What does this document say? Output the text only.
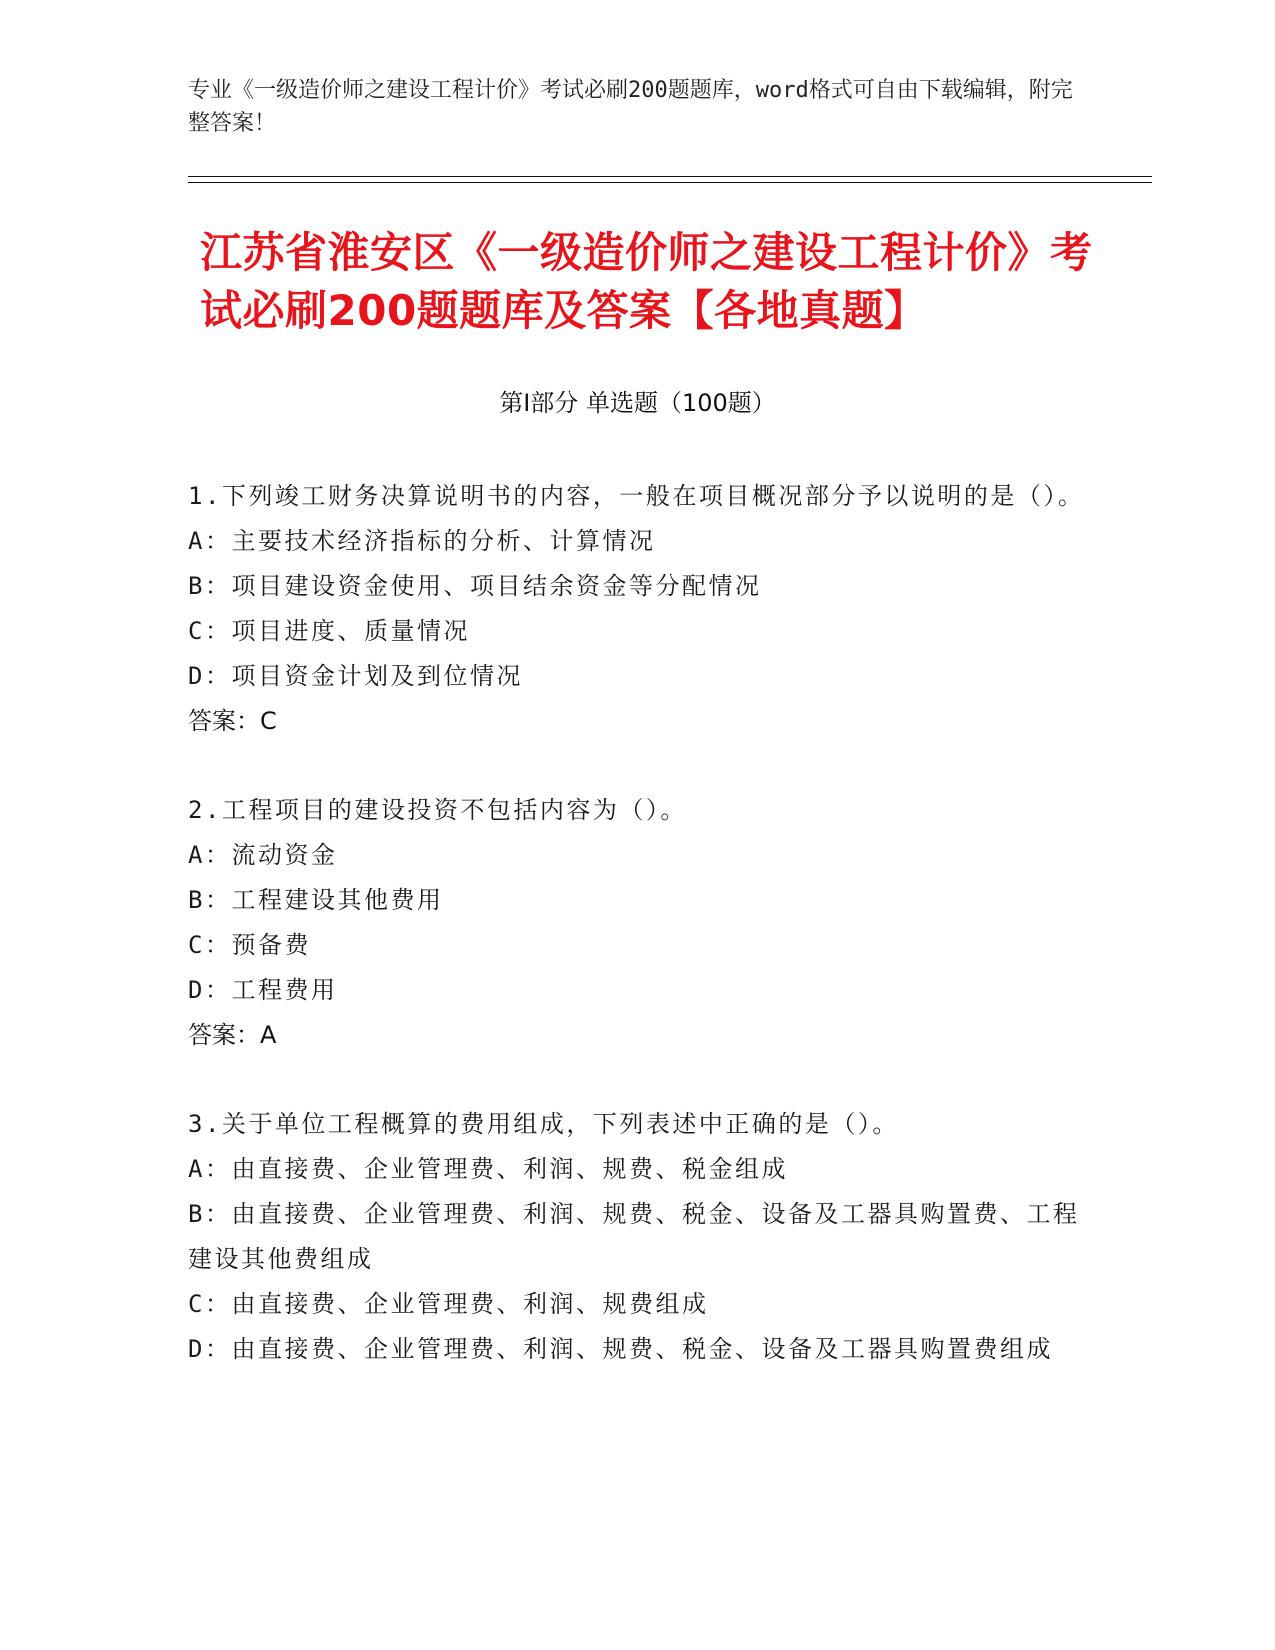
专业《一级造价师之建设工程计价》考试必刷200题题库，word格式可自由下载编辑，附完整答案！
江苏省淮安区《一级造价师之建设工程计价》考试必刷200题题库及答案【各地真题】
第Ⅰ部分 单选题（100题）
1.下列竣工财务决算说明书的内容，一般在项目概况部分予以说明的是（）。
A：主要技术经济指标的分析、计算情况
B：项目建设资金使用、项目结余资金等分配情况
C：项目进度、质量情况
D：项目资金计划及到位情况
答案：C
2.工程项目的建设投资不包括内容为（）。
A：流动资金
B：工程建设其他费用
C：预备费
D：工程费用
答案：A
3.关于单位工程概算的费用组成，下列表述中正确的是（）。
A：由直接费、企业管理费、利润、规费、税金组成
B：由直接费、企业管理费、利润、规费、税金、设备及工器具购置费、工程建设其他费组成
C：由直接费、企业管理费、利润、规费组成
D：由直接费、企业管理费、利润、规费、税金、设备及工器具购置费组成
